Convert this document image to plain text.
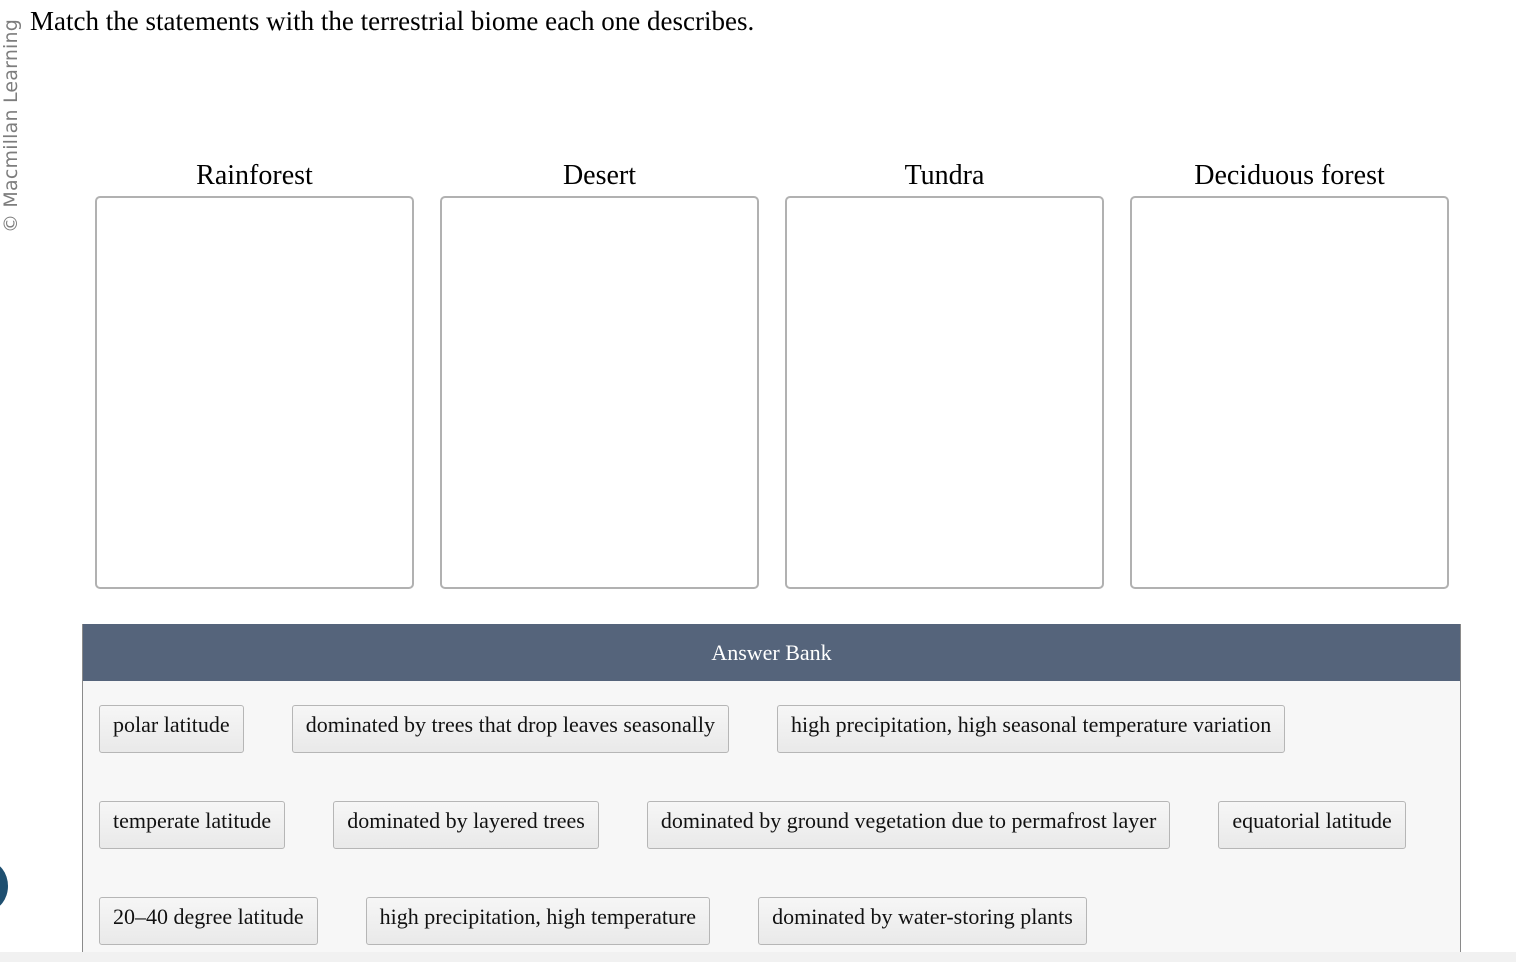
© Macmillan Learning Match the statements with the terrestrial biome each one describes.
Rainforest	Desert	Tundra	Deciduous forest
Answer Bank
polar latitude	dominated by trees that drop leaves seasonally	high precipitation, high seasonal temperature variation
temperate latitude	dominated by layered trees	dominated by ground vegetation due to permafrost layer	equatorial latitude
20–40 degree latitude	high precipitation, high temperature	dominated by water-storing plants
